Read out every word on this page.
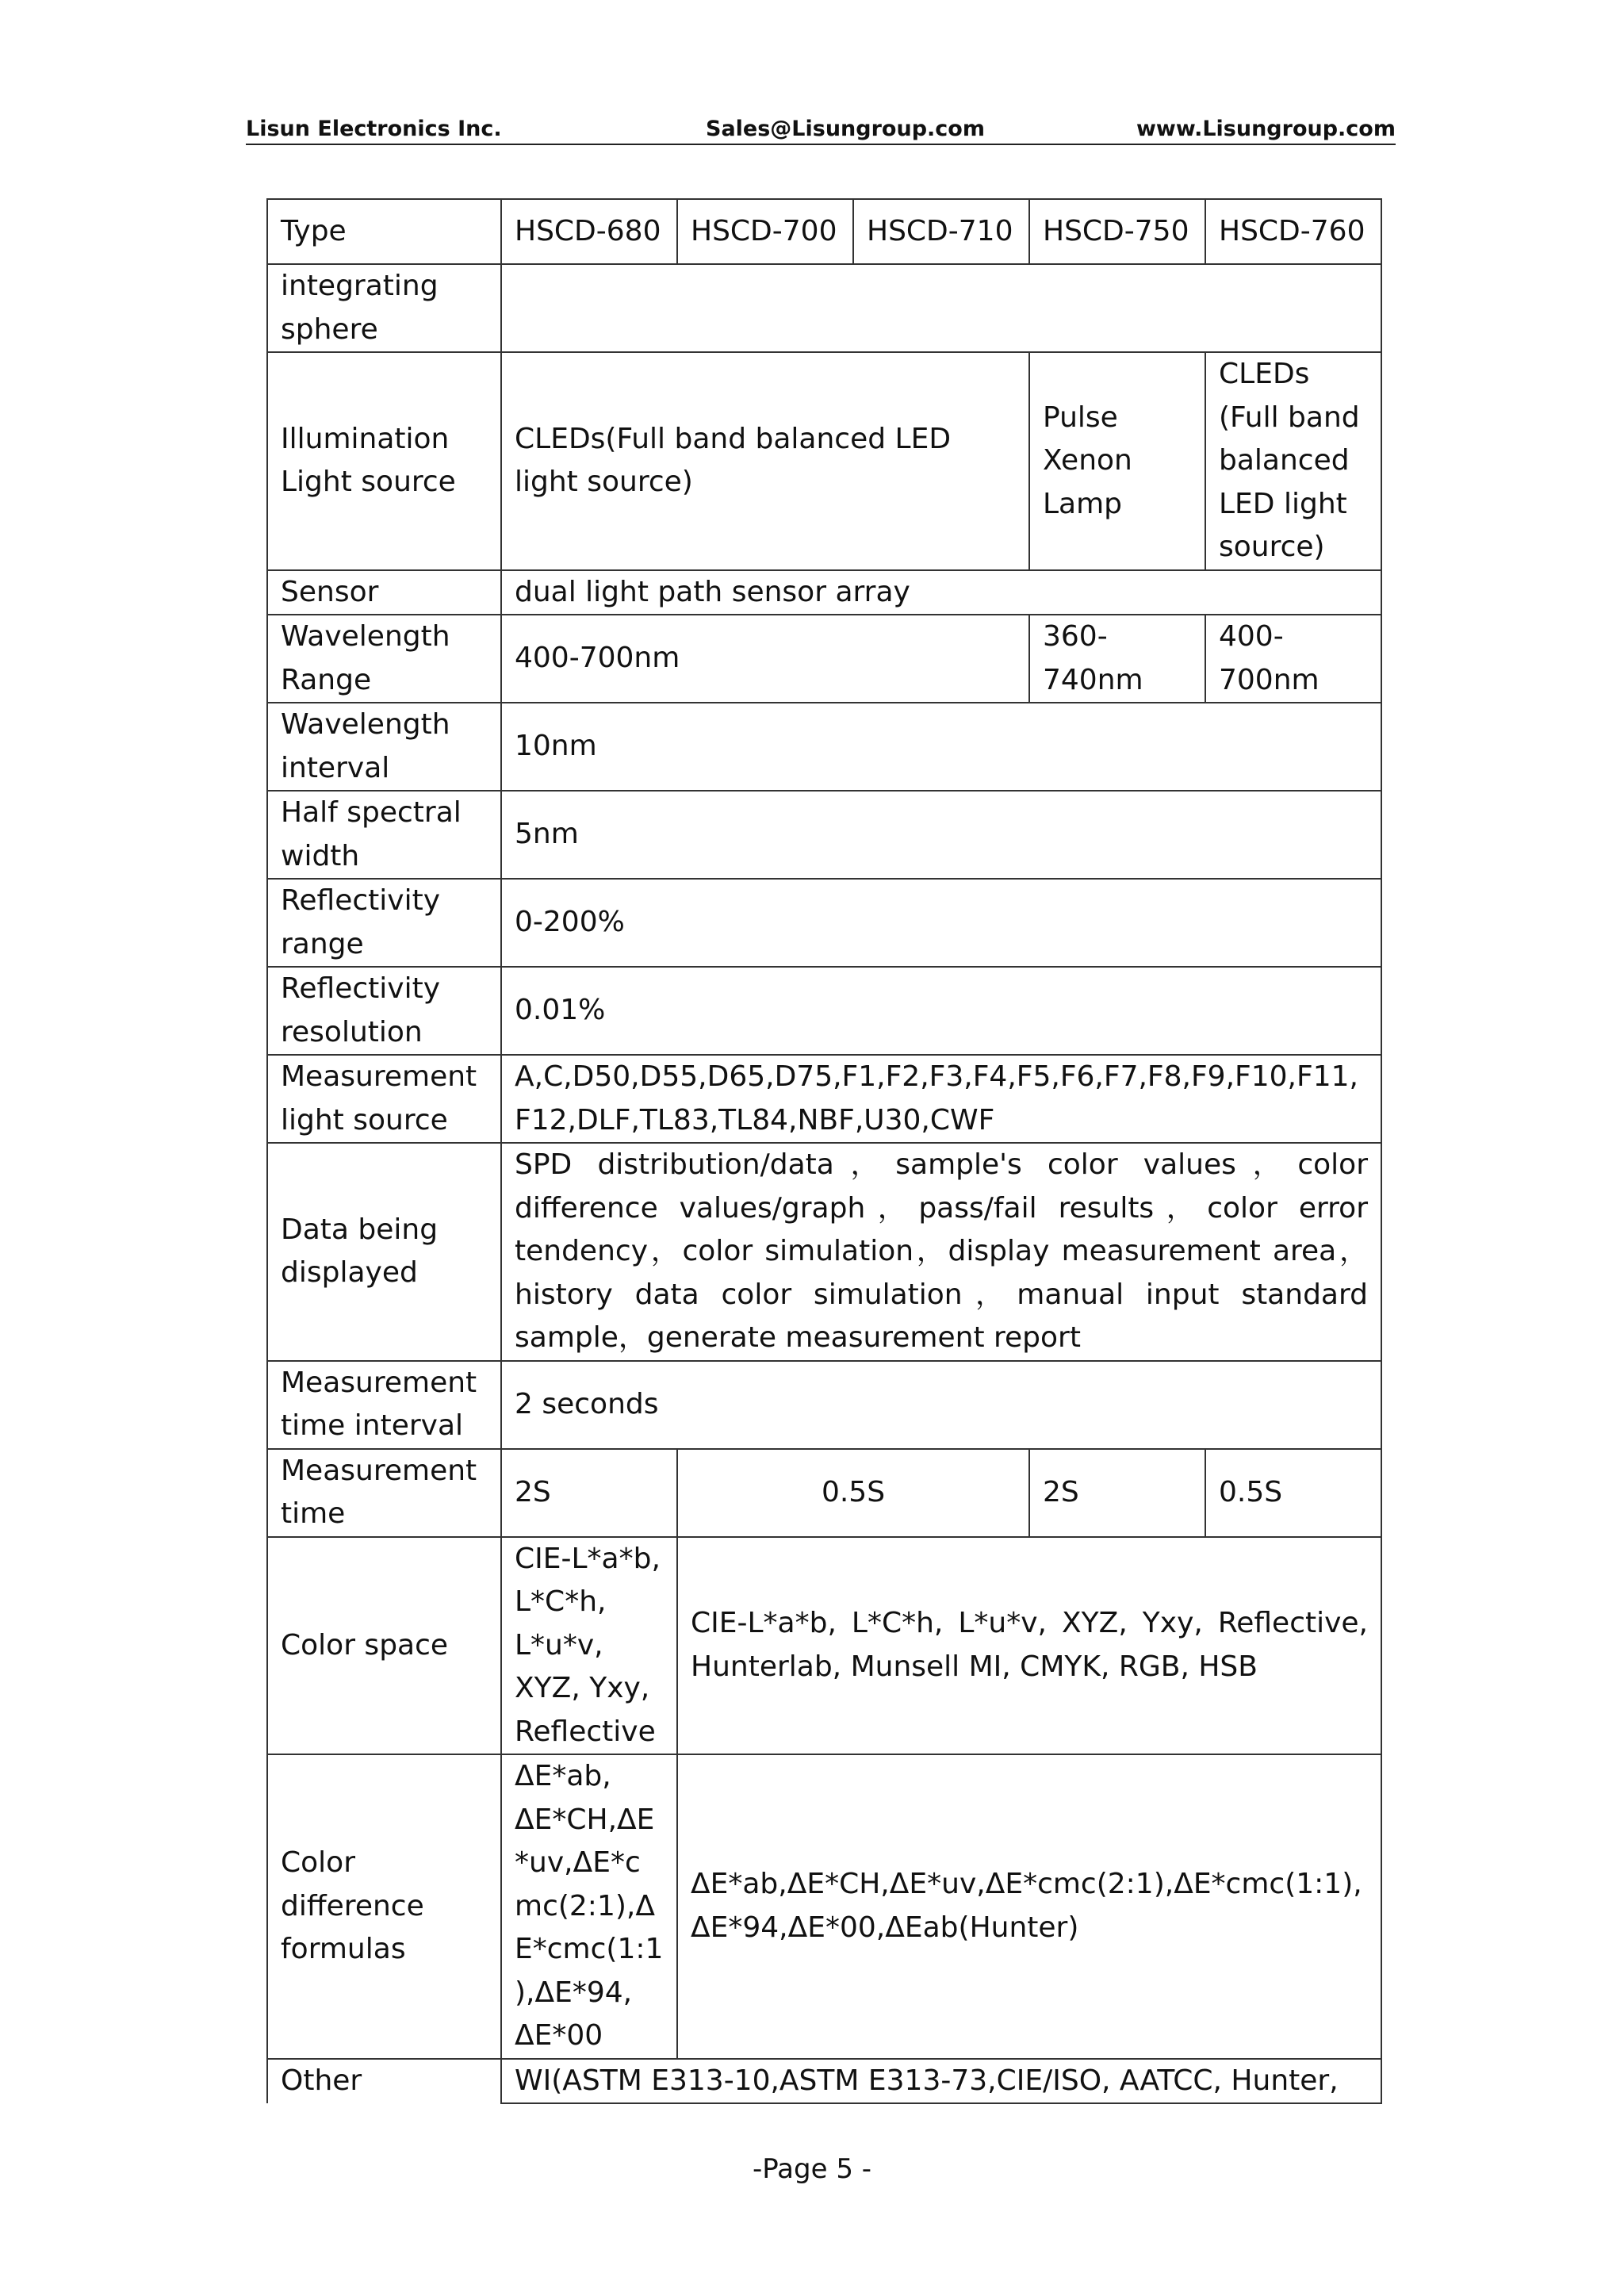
Lisun Electronics Inc.	Sales@Lisungroup.com	www.Lisungroup.com
Type	HSCD-680	HSCD-700	HSCD-710	HSCD-750	HSCD-760
integrating sphere					
Illumination Light source	CLEDs(Full band balanced LED light source)			Pulse Xenon Lamp	CLEDs (Full band balanced LED light source)
Sensor	dual light path sensor array				
Wavelength Range	400-700nm			360-740nm	400-700nm
Wavelength interval	10nm				
Half spectral width	5nm				
Reflectivity range	0-200%				
Reflectivity resolution	0.01%				
Measurement light source	A,C,D50,D55,D65,D75,F1,F2,F3,F4,F5,F6,F7,F8,F9,F10,F11, F12,DLF,TL83,TL84,NBF,U30,CWF				
Data being displayed	SPD distribution/data，sample's color values，color difference values/graph，pass/fail results，color error tendency，color simulation，display measurement area，history data color simulation，manual input standard sample，generate measurement report				
Measurement time interval	2 seconds				
Measurement time	2S	0.5S		2S	0.5S
Color space	CIE-L*a*b, L*C*h, L*u*v, XYZ, Yxy, Reflective	CIE-L*a*b, L*C*h, L*u*v, XYZ, Yxy, Reflective, Hunterlab, Munsell MI, CMYK, RGB, HSB			
Color difference formulas	ΔE*ab, ΔE*CH,ΔE*uv,ΔE*cmc(2:1),ΔE*cmc(1:1),ΔE*94, ΔE*00	ΔE*ab,ΔE*CH,ΔE*uv,ΔE*cmc(2:1),ΔE*cmc(1:1),ΔE*94,ΔE*00,ΔEab(Hunter)			
Other	WI(ASTM E313-10,ASTM E313-73,CIE/ISO, AATCC, Hunter,				
-Page 5 -
